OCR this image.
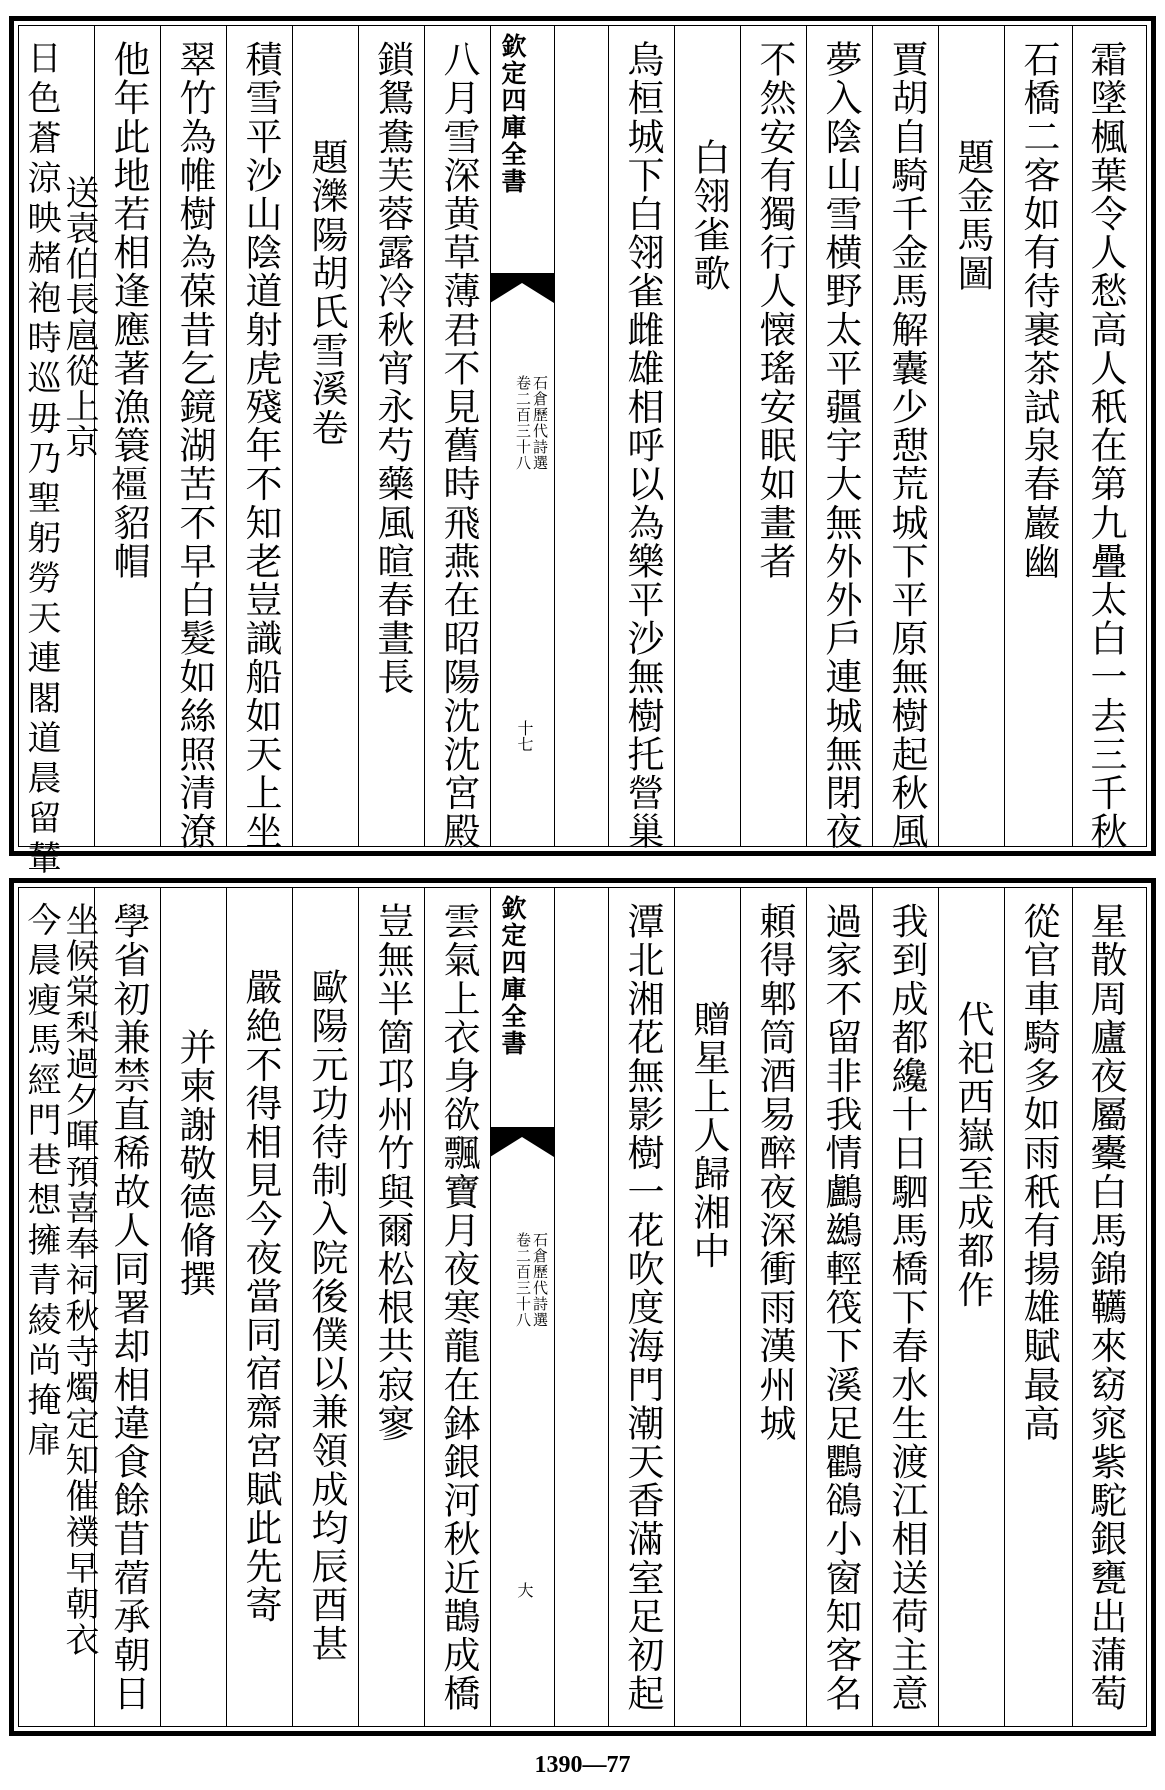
霜墜楓葉令人愁高人秖在第九疊太白一去三千秋
石橋二客如有待裹茶試泉春巖幽
題金馬圖
賈胡自騎千金馬解囊少憇荒城下平原無樹起秋風
夢入陰山雪横野太平疆宇大無外外戶連城無閉夜
不然安有獨行人懐瑤安眠如畫者
白翎雀歌
烏桓城下白翎雀雌雄相呼以為樂平沙無樹托營巢
欽定四庫全書
石倉歷代詩選
卷二百三十八
十七
八月雪深黄草薄君不見舊時飛燕在昭陽沈沈宮殿
鎖鴛鴦芙蓉露冷秋宵永芍藥風暄春晝長
題濼陽胡氏雪溪卷
積雪平沙山陰道射虎殘年不知老豈識船如天上坐
翠竹為帷樹為葆昔乞鏡湖苦不早白髮如絲照清潦
他年此地若相逢應著漁簑𧝿貂帽
送袁伯長扈從上京
日色蒼涼映赭袍時巡毋乃聖躬勞天連閣道晨留輦
星散周廬夜屬櫜白馬錦韉來窈窕紫駝銀甕出蒲萄
從官車騎多如雨秖有揚雄賦最高
代祀西嶽至成都作
我到成都纔十日駟馬橋下春水生渡江相送荷主意
過家不留非我情鸕鷀輕筏下溪足鸜鵒小窗知客名
頼得郫筒酒易醉夜深衝雨漢州城
贈星上人歸湘中
潭北湘花無影樹一花吹度海門潮天香滿室足初起
欽定四庫全書
石倉歷代詩選
卷二百三十八
大
雲氣上衣身欲飄寶月夜寒龍在鉢銀河秋近鵲成橋
豈無半箇邛州竹與爾松根共寂寥
歐陽元功待制入院後僕以兼領成均辰酉甚
嚴絶不得相見今夜當同宿齋宮賦此先寄
并柬謝敬德脩撰
學省初兼禁直稀故人同署却相違食餘苜蓿承朝日
坐候棠梨過夕暉預喜奉祠秋寺燭定知催襆早朝衣
今晨瘦馬經門巷想擁青綾尚掩扉
1390—77
